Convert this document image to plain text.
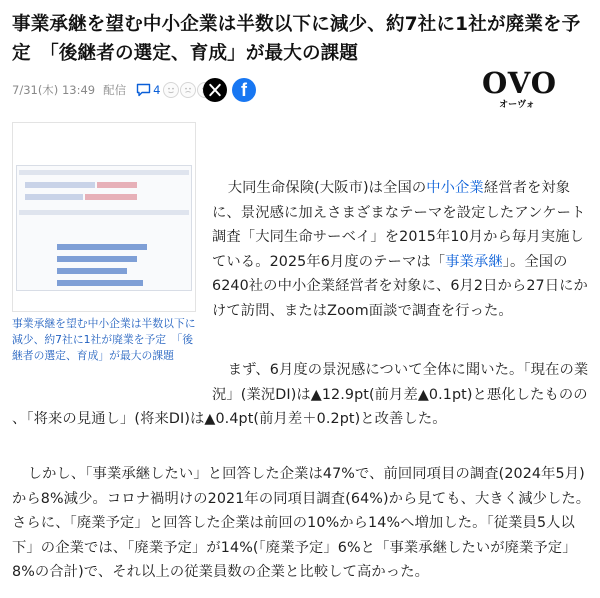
事業承継を望む中小企業は半数以下に減少、約7社に1社が廃業を予定　「後継者の選定、育成」が最大の課題
7/31(木) 13:49 配信 4	f	OVO
オーヴォ

事業承継を望む中小企業は半数以下に減少、約7社に1社が廃業を予定　「後継者の選定、育成」が最大の課題

大同生命保険(大阪市)は全国の中小企業経営者を対象に、景況感に加えさまざまなテーマを設定したアンケート調査「大同生命サーベイ」を2015年10月から毎月実施している。2025年6月度のテーマは「事業承継」。全国の6240社の中小企業経営者を対象に、6月2日から27日にかけて訪問、またはZoom面談で調査を行った。

まず、6月度の景況感について全体に聞いた。「現在の業況」(業況DI)は▲12.9pt(前月差▲0.1pt)と悪化したものの

しかし、「事業承継したい」と回答した企業は47%で、前回同項目の調査(2024年5月)から8%減少。コロナ禍明けの2021年の同項目調査(64%)から見ても、大きく減少した。さらに、「廃業予定」と回答した企業は前回の10%から14%へ増加した。「従業員5人以下」の企業では、「廃業予定」が14%(「廃業予定」6%と「事業承継したいが廃業予定」8%の合計)で、それ以上の従業員数の企業と比較して高かった。

、「将来の見通し」(将来DI)は▲0.4pt(前月差＋0.2pt)と改善した。
